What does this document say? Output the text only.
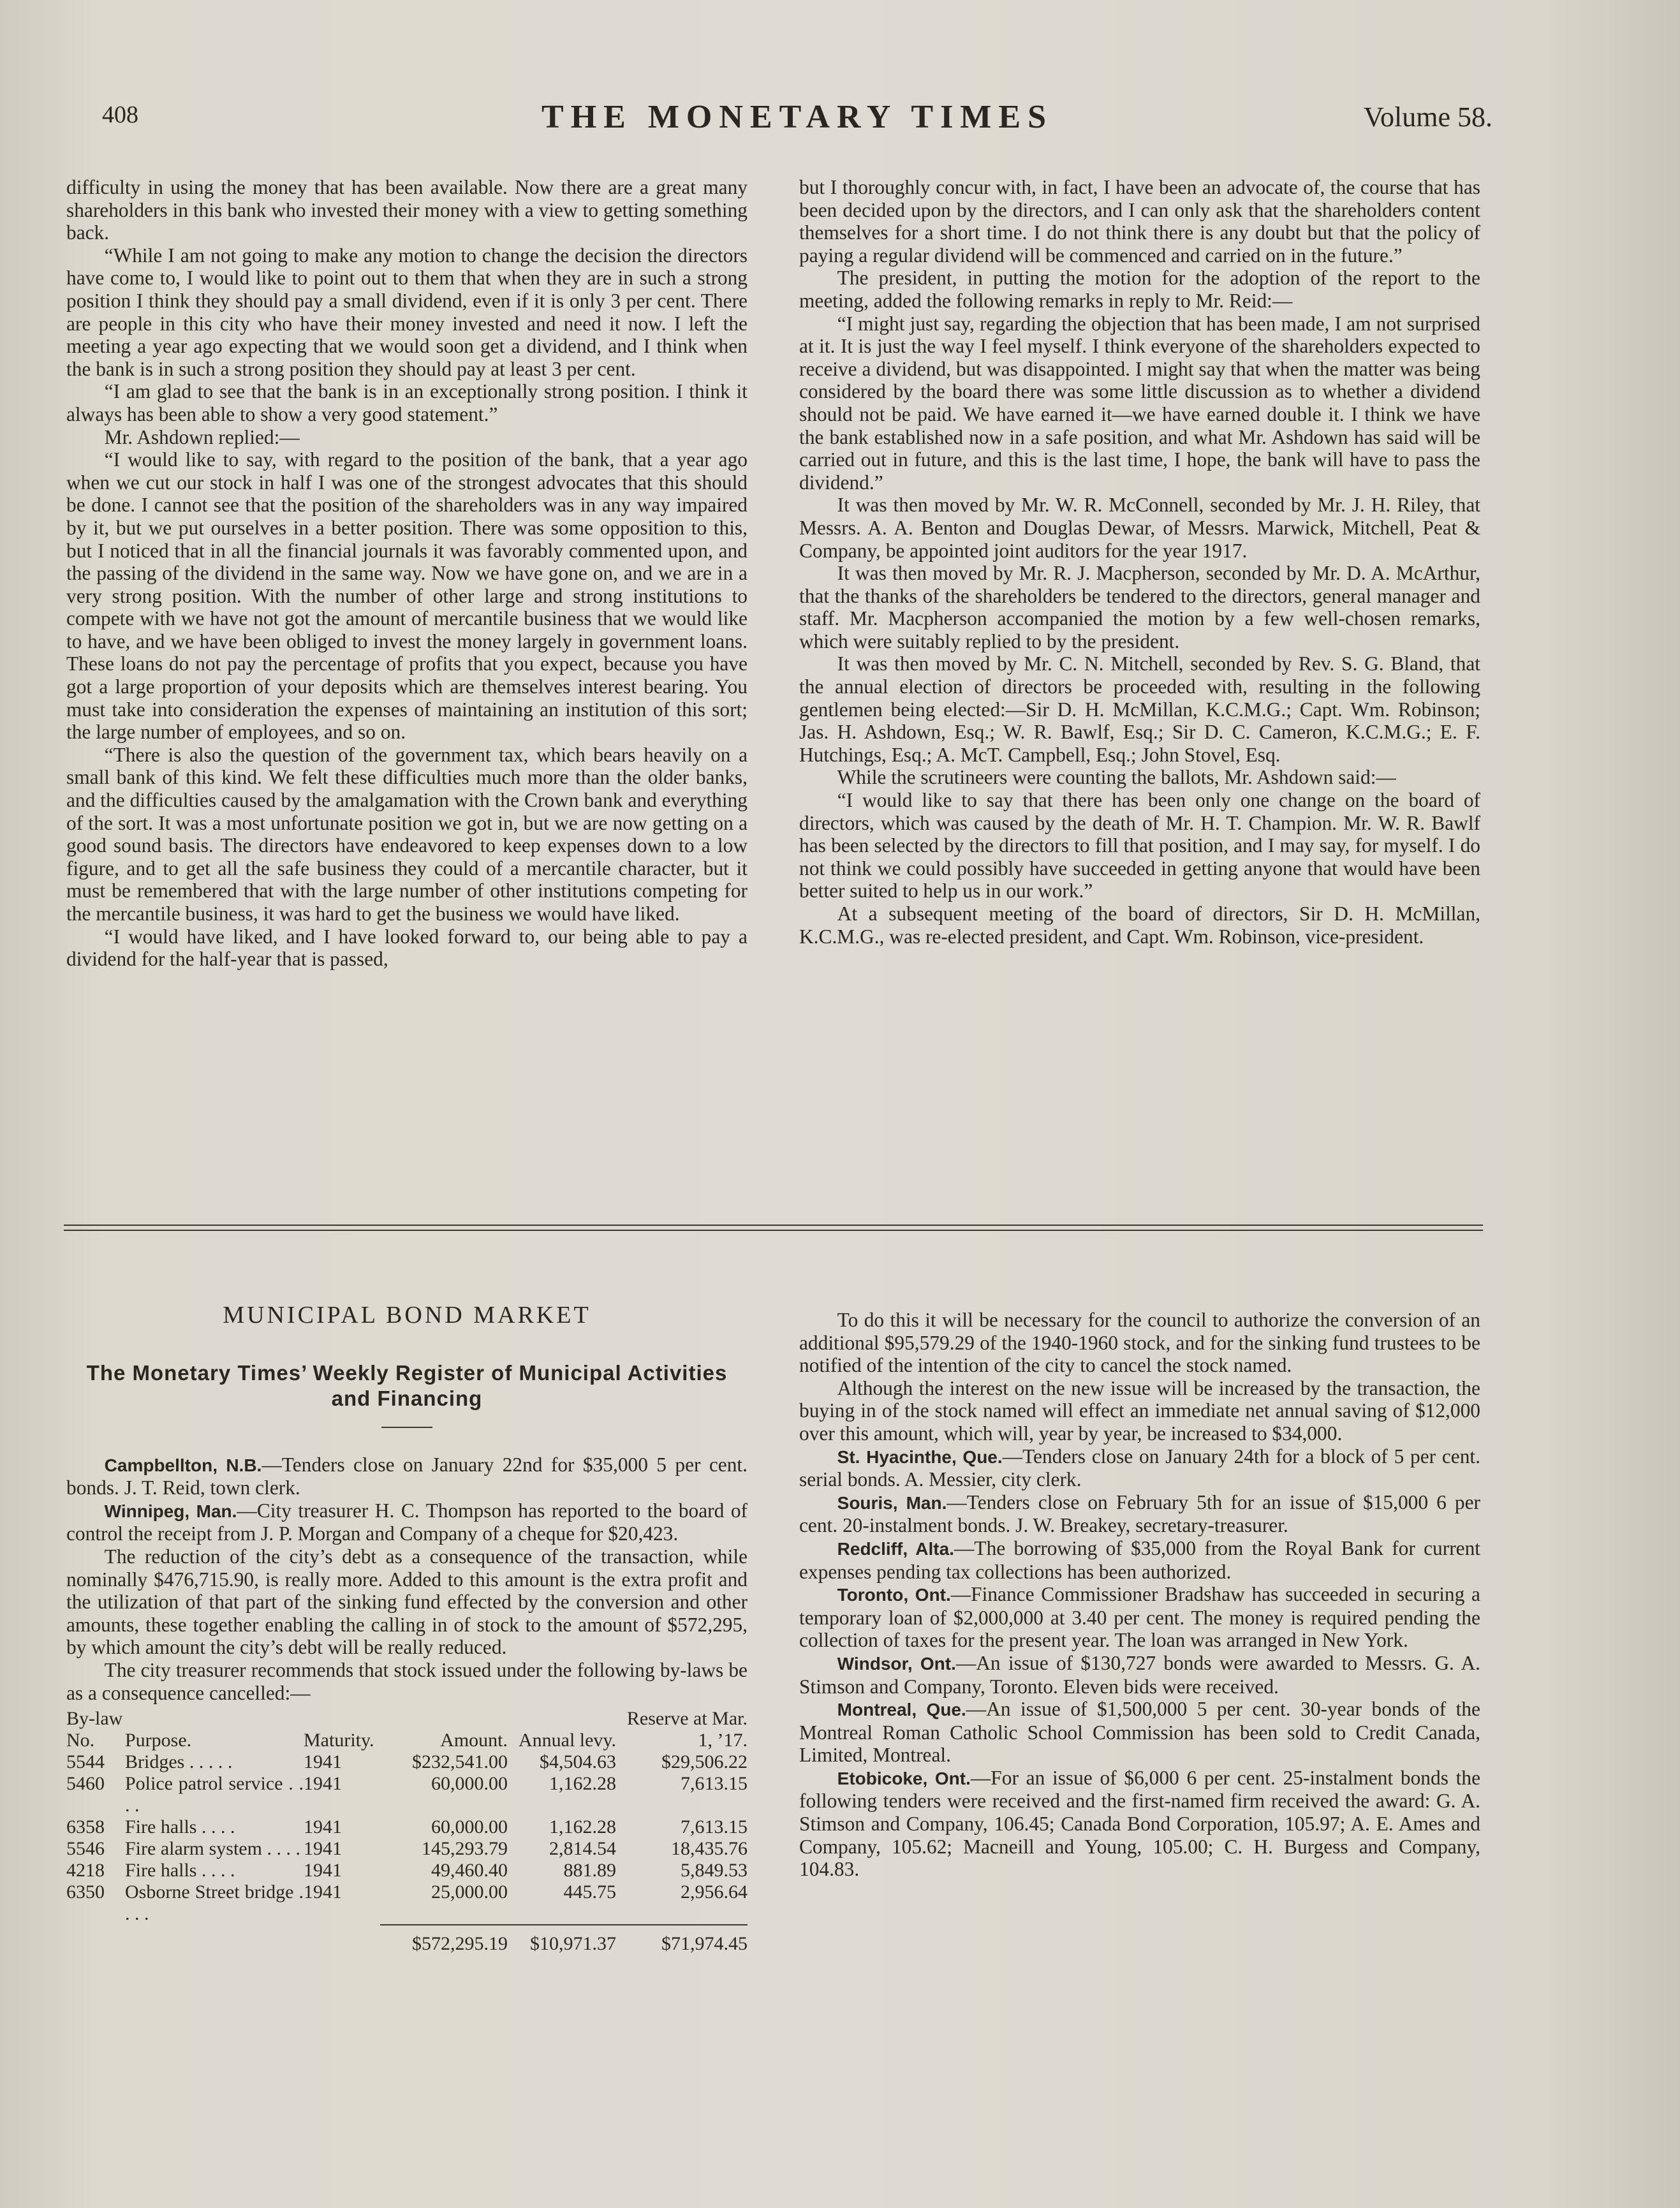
408	THE MONETARY TIMES	Volume 58.

difficulty in using the money that has been available. Now there are a great many shareholders in this bank who invested their money with a view to getting something back.

“While I am not going to make any motion to change the decision the directors have come to, I would like to point out to them that when they are in such a strong position I think they should pay a small dividend, even if it is only 3 per cent. There are people in this city who have their money invested and need it now. I left the meeting a year ago expecting that we would soon get a dividend, and I think when the bank is in such a strong position they should pay at least 3 per cent.

“I am glad to see that the bank is in an exceptionally strong position. I think it always has been able to show a very good statement.”

Mr. Ashdown replied:—

“I would like to say, with regard to the position of the bank, that a year ago when we cut our stock in half I was one of the strongest advocates that this should be done. I cannot see that the position of the shareholders was in any way impaired by it, but we put ourselves in a better position. There was some opposition to this, but I noticed that in all the financial journals it was favorably commented upon, and the passing of the dividend in the same way. Now we have gone on, and we are in a very strong position. With the number of other large and strong institutions to compete with we have not got the amount of mercantile business that we would like to have, and we have been obliged to invest the money largely in government loans. These loans do not pay the percentage of profits that you expect, because you have got a large proportion of your deposits which are themselves interest bearing. You must take into consideration the expenses of maintaining an institution of this sort; the large number of employees, and so on.

“There is also the question of the government tax, which bears heavily on a small bank of this kind. We felt these difficulties much more than the older banks, and the difficulties caused by the amalgamation with the Crown bank and everything of the sort. It was a most unfortunate position we got in, but we are now getting on a good sound basis. The directors have endeavored to keep expenses down to a low figure, and to get all the safe business they could of a mercantile character, but it must be remembered that with the large number of other institutions competing for the mercantile business, it was hard to get the business we would have liked.

“I would have liked, and I have looked forward to, our being able to pay a dividend for the half-year that is passed,

but I thoroughly concur with, in fact, I have been an advocate of, the course that has been decided upon by the directors, and I can only ask that the shareholders content themselves for a short time. I do not think there is any doubt but that the policy of paying a regular dividend will be commenced and carried on in the future.”

The president, in putting the motion for the adoption of the report to the meeting, added the following remarks in reply to Mr. Reid:—

“I might just say, regarding the objection that has been made, I am not surprised at it. It is just the way I feel myself. I think everyone of the shareholders expected to receive a dividend, but was disappointed. I might say that when the matter was being considered by the board there was some little discussion as to whether a dividend should not be paid. We have earned it—we have earned double it. I think we have the bank established now in a safe position, and what Mr. Ashdown has said will be carried out in future, and this is the last time, I hope, the bank will have to pass the dividend.”

It was then moved by Mr. W. R. McConnell, seconded by Mr. J. H. Riley, that Messrs. A. A. Benton and Douglas Dewar, of Messrs. Marwick, Mitchell, Peat & Company, be appointed joint auditors for the year 1917.

It was then moved by Mr. R. J. Macpherson, seconded by Mr. D. A. McArthur, that the thanks of the shareholders be tendered to the directors, general manager and staff. Mr. Macpherson accompanied the motion by a few well-chosen remarks, which were suitably replied to by the president.

It was then moved by Mr. C. N. Mitchell, seconded by Rev. S. G. Bland, that the annual election of directors be proceeded with, resulting in the following gentlemen being elected:—Sir D. H. McMillan, K.C.M.G.; Capt. Wm. Robinson; Jas. H. Ashdown, Esq.; W. R. Bawlf, Esq.; Sir D. C. Cameron, K.C.M.G.; E. F. Hutchings, Esq.; A. McT. Campbell, Esq.; John Stovel, Esq.

While the scrutineers were counting the ballots, Mr. Ashdown said:—

“I would like to say that there has been only one change on the board of directors, which was caused by the death of Mr. H. T. Champion. Mr. W. R. Bawlf has been selected by the directors to fill that position, and I may say, for myself. I do not think we could possibly have succeeded in getting anyone that would have been better suited to help us in our work.”

At a subsequent meeting of the board of directors, Sir D. H. McMillan, K.C.M.G., was re-elected president, and Capt. Wm. Robinson, vice-president.

MUNICIPAL BOND MARKET
The Monetary Times’ Weekly Register of Municipal Activities and Financing

Campbellton, N.B.—Tenders close on January 22nd for $35,000 5 per cent. bonds. J. T. Reid, town clerk.

Winnipeg, Man.—City treasurer H. C. Thompson has reported to the board of control the receipt from J. P. Morgan and Company of a cheque for $20,423.

The reduction of the city’s debt as a consequence of the transaction, while nominally $476,715.90, is really more. Added to this amount is the extra profit and the utilization of that part of the sinking fund effected by the conversion and other amounts, these together enabling the calling in of stock to the amount of $572,295, by which amount the city’s debt will be really reduced.

The city treasurer recommends that stock issued under the following by-laws be as a consequence cancelled:—

By-law No.	Purpose.	Maturity.	Amount.	Annual levy.	Reserve at Mar. 1, ’17.
5544	Bridges . . . . .	1941	$232,541.00	$4,504.63	$29,506.22
5460	Police patrol service . . . .	1941	60,000.00	1,162.28	7,613.15
6358	Fire halls . . . .	1941	60,000.00	1,162.28	7,613.15
5546	Fire alarm system . . . .	1941	145,293.79	2,814.54	18,435.76
4218	Fire halls . . . .	1941	49,460.40	881.89	5,849.53
6350	Osborne Street bridge . . . .	1941	25,000.00	445.75	2,956.64
			$572,295.19	$10,971.37	$71,974.45

To do this it will be necessary for the council to authorize the conversion of an additional $95,579.29 of the 1940-1960 stock, and for the sinking fund trustees to be notified of the intention of the city to cancel the stock named.

Although the interest on the new issue will be increased by the transaction, the buying in of the stock named will effect an immediate net annual saving of $12,000 over this amount, which will, year by year, be increased to $34,000.

St. Hyacinthe, Que.—Tenders close on January 24th for a block of 5 per cent. serial bonds. A. Messier, city clerk.

Souris, Man.—Tenders close on February 5th for an issue of $15,000 6 per cent. 20-instalment bonds. J. W. Breakey, secretary-treasurer.

Redcliff, Alta.—The borrowing of $35,000 from the Royal Bank for current expenses pending tax collections has been authorized.

Toronto, Ont.—Finance Commissioner Bradshaw has succeeded in securing a temporary loan of $2,000,000 at 3.40 per cent. The money is required pending the collection of taxes for the present year. The loan was arranged in New York.

Windsor, Ont.—An issue of $130,727 bonds were awarded to Messrs. G. A. Stimson and Company, Toronto. Eleven bids were received.

Montreal, Que.—An issue of $1,500,000 5 per cent. 30-year bonds of the Montreal Roman Catholic School Commission has been sold to Credit Canada, Limited, Montreal.

Etobicoke, Ont.—For an issue of $6,000 6 per cent. 25-instalment bonds the following tenders were received and the first-named firm received the award: G. A. Stimson and Company, 106.45; Canada Bond Corporation, 105.97; A. E. Ames and Company, 105.62; Macneill and Young, 105.00; C. H. Burgess and Company, 104.83.
